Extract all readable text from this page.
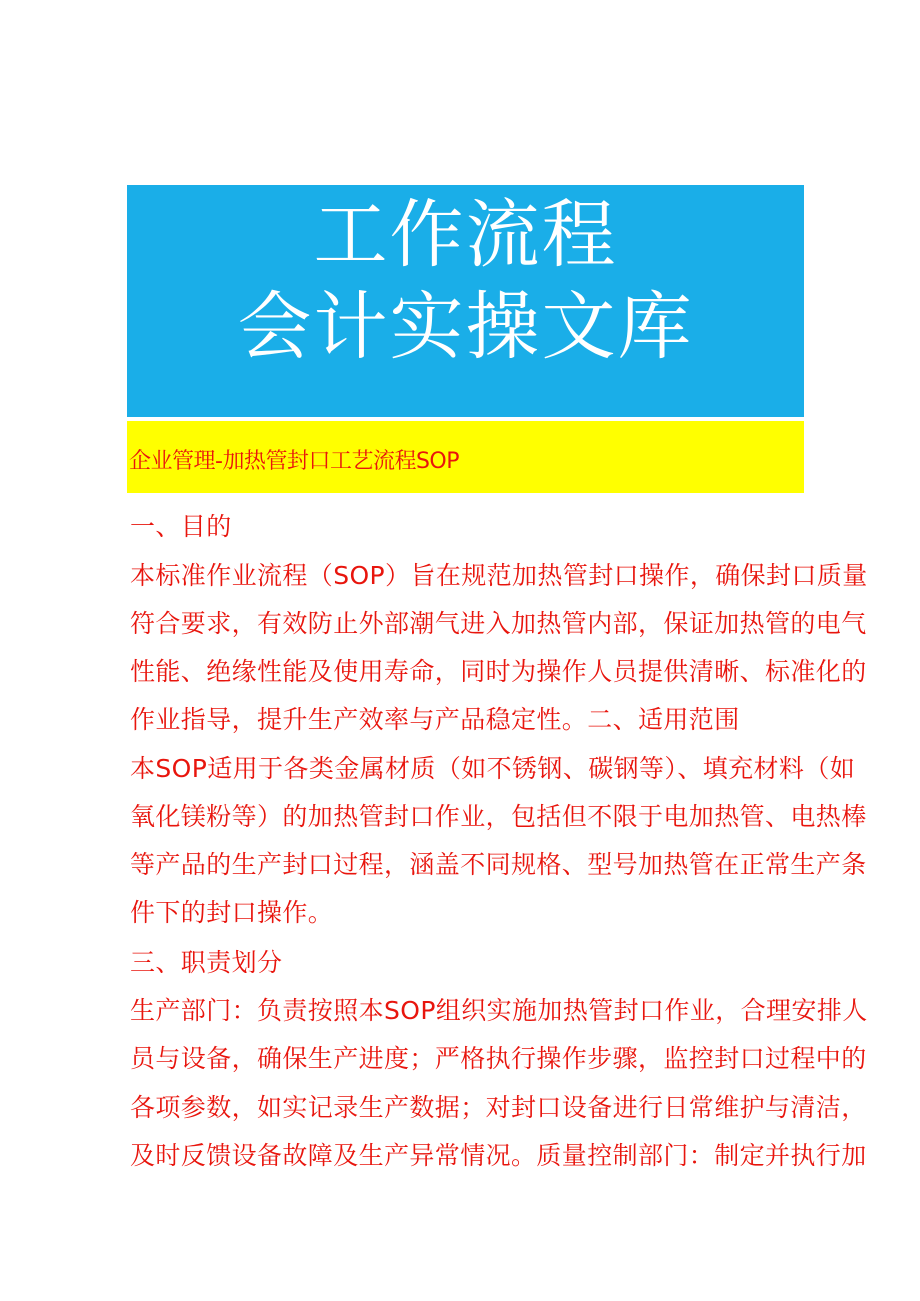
工作流程
会计实操文库
企业管理-加热管封口工艺流程SOP
一、目的
本标准作业流程（SOP）旨在规范加热管封口操作，确保封口质量
符合要求，有效防止外部潮气进入加热管内部，保证加热管的电气
性能、绝缘性能及使用寿命，同时为操作人员提供清晰、标准化的
作业指导，提升生产效率与产品稳定性。二、适用范围
本SOP适用于各类金属材质（如不锈钢、碳钢等）、填充材料（如
氧化镁粉等）的加热管封口作业，包括但不限于电加热管、电热棒
等产品的生产封口过程，涵盖不同规格、型号加热管在正常生产条
件下的封口操作。
三、职责划分
生产部门：负责按照本SOP组织实施加热管封口作业，合理安排人
员与设备，确保生产进度；严格执行操作步骤，监控封口过程中的
各项参数，如实记录生产数据；对封口设备进行日常维护与清洁，
及时反馈设备故障及生产异常情况。质量控制部门：制定并执行加
